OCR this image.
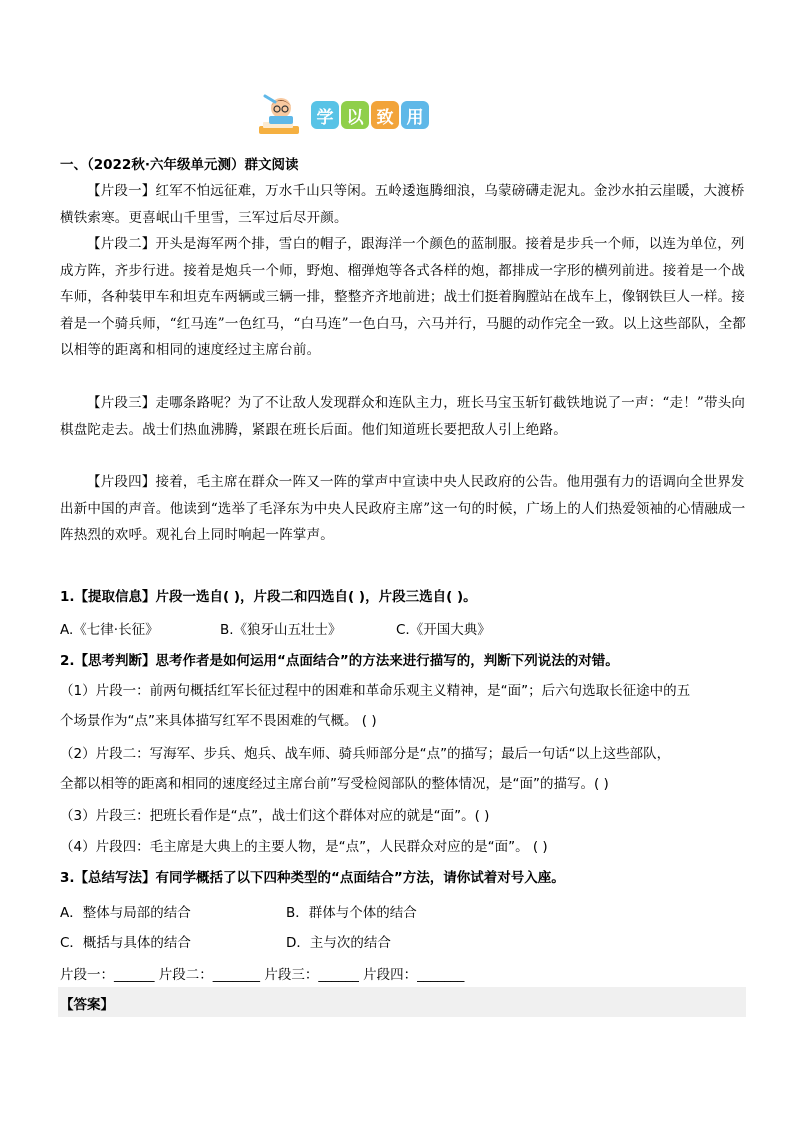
学 以 致 用
一、（2022秋·六年级单元测）群文阅读
【片段一】红军不怕远征难，万水千山只等闲。五岭逶迤腾细浪，乌蒙磅礴走泥丸。金沙水拍云崖暖，大渡桥横铁索寒。更喜岷山千里雪，三军过后尽开颜。
【片段二】开头是海军两个排，雪白的帽子，跟海洋一个颜色的蓝制服。接着是步兵一个师，以连为单位，列成方阵，齐步行进。接着是炮兵一个师，野炮、榴弹炮等各式各样的炮，都排成一字形的横列前进。接着是一个战车师，各种装甲车和坦克车两辆或三辆一排，整整齐齐地前进；战士们挺着胸膛站在战车上，像钢铁巨人一样。接着是一个骑兵师，“红马连”一色红马，“白马连”一色白马，六马并行，马腿的动作完全一致。以上这些部队，全都以相等的距离和相同的速度经过主席台前。
【片段三】走哪条路呢？为了不让敌人发现群众和连队主力，班长马宝玉斩钉截铁地说了一声：“走！”带头向棋盘陀走去。战士们热血沸腾，紧跟在班长后面。他们知道班长要把敌人引上绝路。
【片段四】接着，毛主席在群众一阵又一阵的掌声中宣读中央人民政府的公告。他用强有力的语调向全世界发出新中国的声音。他读到“选举了毛泽东为中央人民政府主席”这一句的时候，广场上的人们热爱领袖的心情融成一阵热烈的欢呼。观礼台上同时响起一阵掌声。
1.【提取信息】片段一选自( )，片段二和四选自( )，片段三选自( )。
A.《七律·长征》	B.《狼牙山五壮士》	C.《开国大典》
2.【思考判断】思考作者是如何运用“点面结合”的方法来进行描写的，判断下列说法的对错。
（1）片段一：前两句概括红军长征过程中的困难和革命乐观主义精神，是“面”；后六句选取长征途中的五
个场景作为“点”来具体描写红军不畏困难的气概。 ( )
（2）片段二：写海军、步兵、炮兵、战车师、骑兵师部分是“点”的描写；最后一句话“以上这些部队，
全都以相等的距离和相同的速度经过主席台前”写受检阅部队的整体情况，是“面”的描写。( )
（3）片段三：把班长看作是“点”，战士们这个群体对应的就是“面”。( )
（4）片段四：毛主席是大典上的主要人物，是“点”，人民群众对应的是“面”。 ( )
3.【总结写法】有同学概括了以下四种类型的“点面结合”方法，请你试着对号入座。
A．整体与局部的结合	B．群体与个体的结合
C．概括与具体的结合	D．主与次的结合
片段一：______ 片段二：_______ 片段三：______ 片段四：_______
【答案】
